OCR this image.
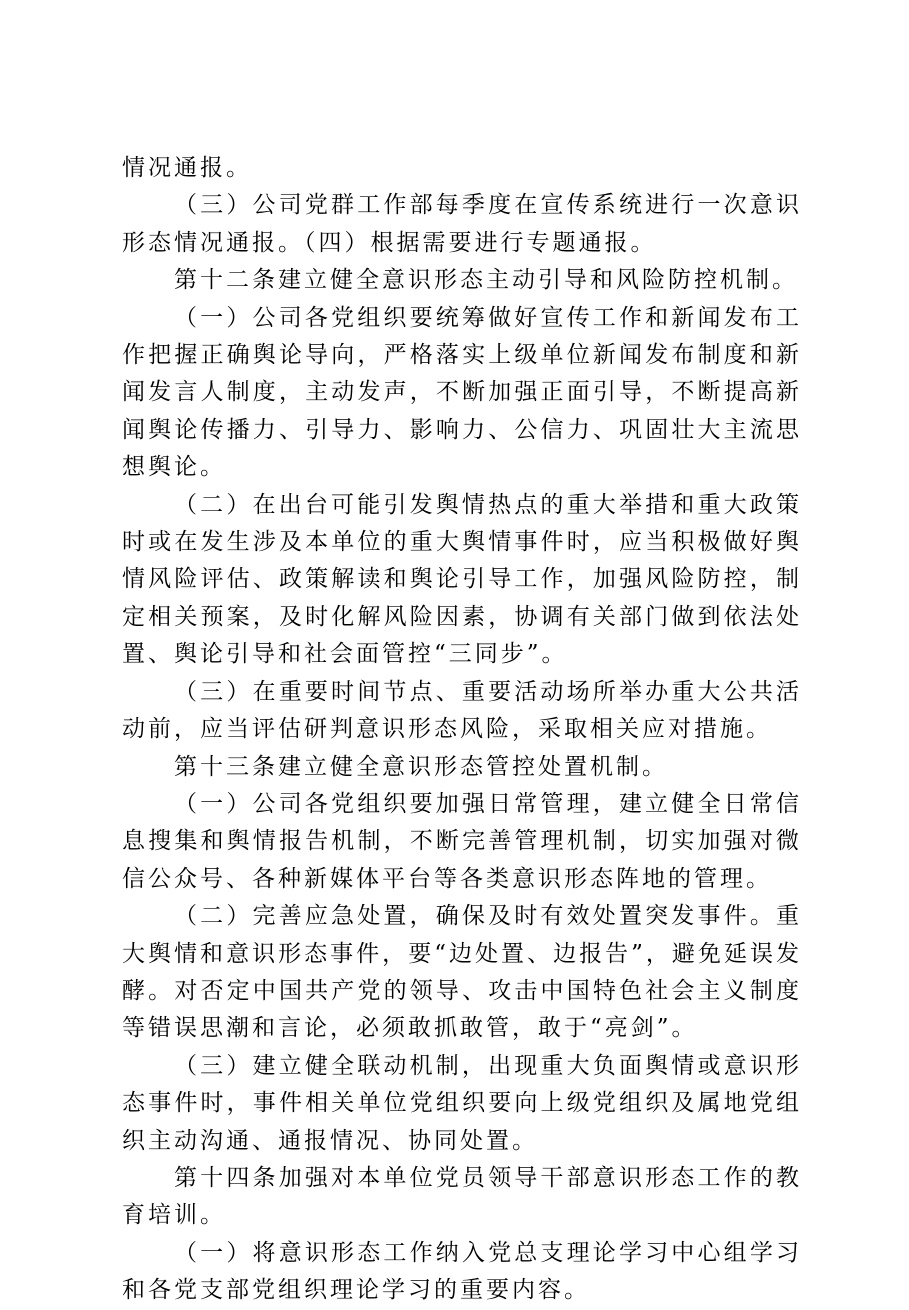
情况通报。

（三）公司党群工作部每季度在宣传系统进行一次意识形态情况通报。（四）根据需要进行专题通报。

第十二条建立健全意识形态主动引导和风险防控机制。

（一）公司各党组织要统筹做好宣传工作和新闻发布工作把握正确舆论导向，严格落实上级单位新闻发布制度和新闻发言人制度，主动发声，不断加强正面引导，不断提高新闻舆论传播力、引导力、影响力、公信力、巩固壮大主流思想舆论。

（二）在出台可能引发舆情热点的重大举措和重大政策时或在发生涉及本单位的重大舆情事件时，应当积极做好舆情风险评估、政策解读和舆论引导工作，加强风险防控，制定相关预案，及时化解风险因素，协调有关部门做到依法处置、舆论引导和社会面管控“三同步”。

（三）在重要时间节点、重要活动场所举办重大公共活动前，应当评估研判意识形态风险，采取相关应对措施。

第十三条建立健全意识形态管控处置机制。

（一）公司各党组织要加强日常管理，建立健全日常信息搜集和舆情报告机制，不断完善管理机制，切实加强对微信公众号、各种新媒体平台等各类意识形态阵地的管理。

（二）完善应急处置，确保及时有效处置突发事件。重大舆情和意识形态事件，要“边处置、边报告”，避免延误发酵。对否定中国共产党的领导、攻击中国特色社会主义制度等错误思潮和言论，必须敢抓敢管，敢于“亮剑”。

（三）建立健全联动机制，出现重大负面舆情或意识形态事件时，事件相关单位党组织要向上级党组织及属地党组织主动沟通、通报情况、协同处置。

第十四条加强对本单位党员领导干部意识形态工作的教育培训。

（一）将意识形态工作纳入党总支理论学习中心组学习和各党支部党组织理论学习的重要内容。
